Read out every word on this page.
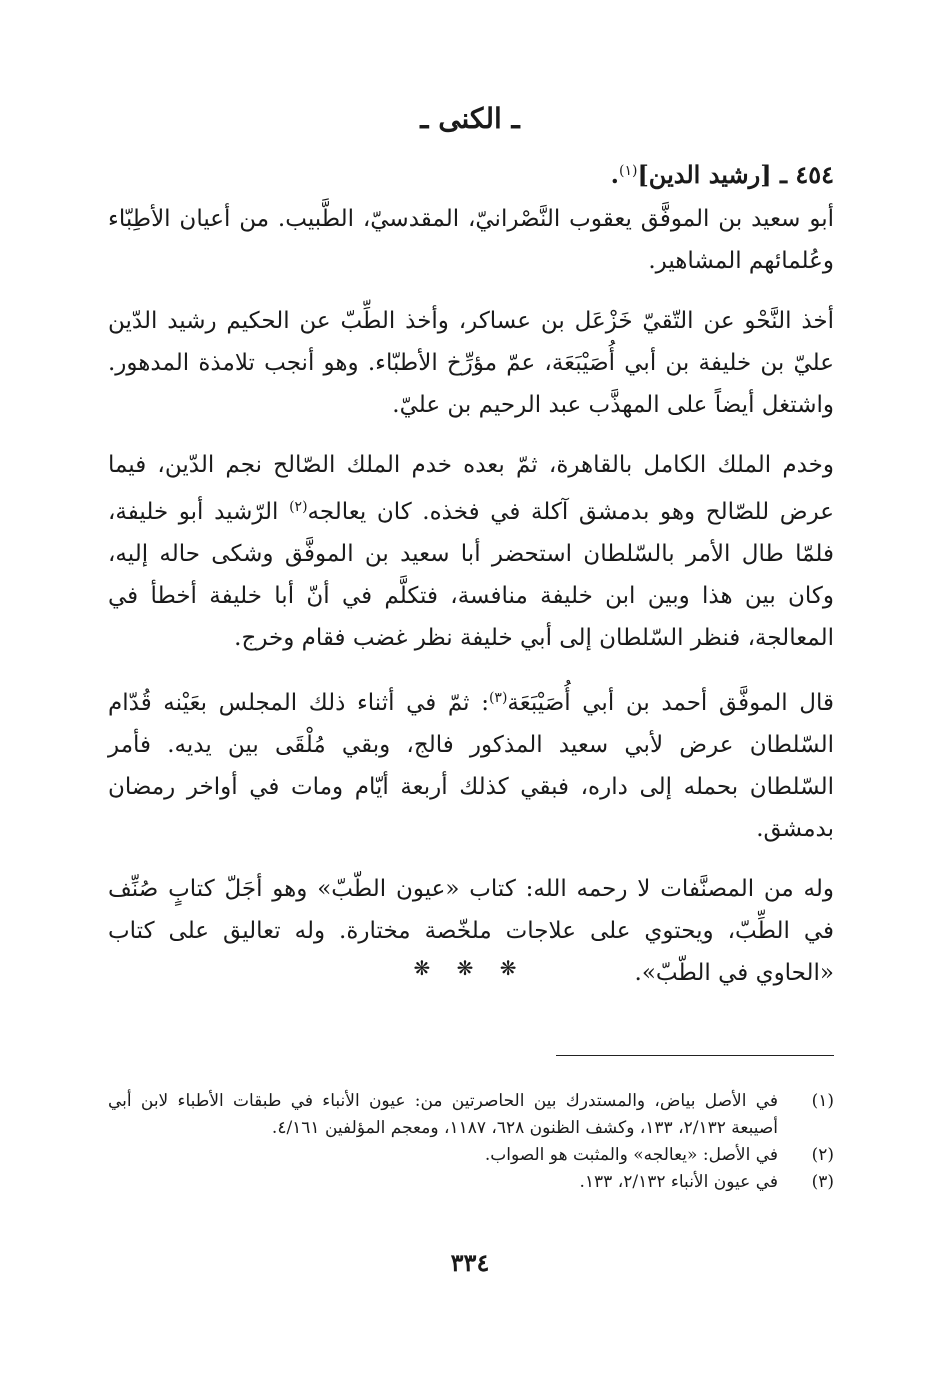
ـ الكنى ـ

٤٥٤ ـ [رشيد الدين]$^{(١)}$.

أبو سعيد بن الموفَّق يعقوب النَّصْرانيّ، المقدسيّ، الطَّبيب. من أعيان الأطِبّاء وعُلمائهم المشاهير.

أخذ النَّحْو عن التّقيّ خَزْعَل بن عساكر، وأخذ الطِّبّ عن الحكيم رشيد الدّين عليّ بن خليفة بن أبي أُصَيْبَعَة، عمّ مؤرِّخ الأطبّاء. وهو أنجب تلامذة المدهور. واشتغل أيضاً على المهذَّب عبد الرحيم بن عليّ.

وخدم الملك الكامل بالقاهرة، ثمّ بعده خدم الملك الصّالح نجم الدّين، فيما عرض للصّالح وهو بدمشق آكلة في فخذه. كان يعالجه$^{(٢)}$ الرّشيد أبو خليفة، فلمّا طال الأمر بالسّلطان استحضر أبا سعيد بن الموفَّق وشكى حاله إليه، وكان بين هذا وبين ابن خليفة منافسة، فتكلَّم في أنّ أبا خليفة أخطأ في المعالجة، فنظر السّلطان إلى أبي خليفة نظر غضب فقام وخرج.

قال الموفَّق أحمد بن أبي أُصَيْبَعَة$^{(٣)}$: ثمّ في أثناء ذلك المجلس بعَيْنه قُدّام السّلطان عرض لأبي سعيد المذكور فالج، وبقي مُلْقَى بين يديه. فأمر السّلطان بحمله إلى داره، فبقي كذلك أربعة أيّام ومات في أواخر رمضان بدمشق.

وله من المصنَّفات لا رحمه الله: كتاب «عيون الطّبّ» وهو أجَلّ كتابٍ صُنِّف في الطِّبّ، ويحتوي على علاجات ملخّصة مختارة. وله تعاليق على كتاب «الحاوي في الطّبّ».

❋ ❋ ❋
(١)
في الأصل بياض، والمستدرك بين الحاصرتين من: عيون الأنباء في طبقات الأطباء لابن أبي أصيبعة ٢/١٣٢، ١٣٣، وكشف الظنون ٦٢٨، ١١٨٧، ومعجم المؤلفين ٤/١٦١.
(٢)
في الأصل: «يعالجه» والمثبت هو الصواب.
(٣)
في عيون الأنباء ٢/١٣٢، ١٣٣.
٣٣٤
